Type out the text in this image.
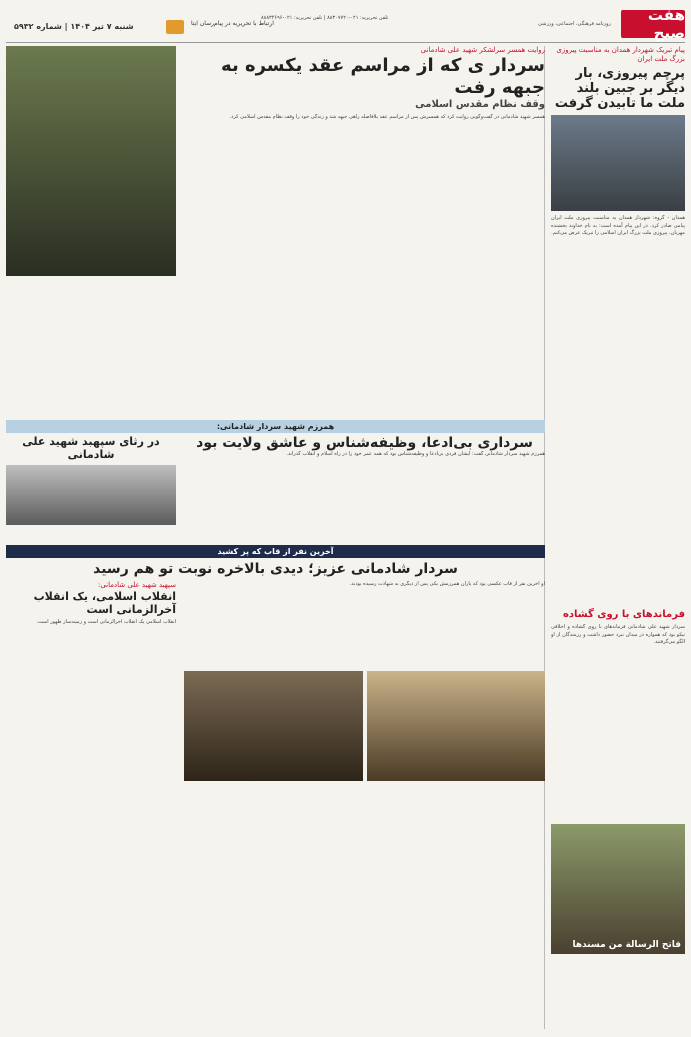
هفت صبح
روزنامه فرهنگی، اجتماعی، ورزشی
تلفن تحریریه: ۰۲۱-۸۸۳۰۷۷۲۰ | تلفن تحریریه: ۰۲۱-۸۸۸۳۴۶۹۶
ارتباط با تحریریه در پیام‌رسان ایتا
شنبه ۷ تیر ۱۴۰۴ | شماره ۵۹۳۲
پیام تبریک شهردار همدان به مناسبت پیروزی بزرگ ملت ایران
پرچم پیروزی، بار دیگر بر جبین بلند ملت ما تابیدن گرفت
همدان - گروه: شهردار همدان به مناسبت پیروزی ملت ایران پیامی صادر کرد. در این پیام آمده است: به نام خداوند بخشنده مهربان، پیروزی ملت بزرگ ایران اسلامی را تبریک عرض می‌کنم.
فرماندهای با روی گشاده
سردار شهید علی شادمانی فرماندهای با روی گشاده و اخلاقی نیکو بود که همواره در میدان نبرد حضور داشت و رزمندگان از او الگو می‌گرفتند.
فاتح الرسالة من مسندها
روایت همسر سرلشکر شهید علی شادمانی
سردار ی که از مراسم عقد یکسره به جبهه رفت
وقف نظام مقدس اسلامی
همسر شهید شادمانی در گفت‌وگویی روایت کرد که همسرش پس از مراسم عقد بلافاصله راهی جبهه شد و زندگی خود را وقف نظام مقدس اسلامی کرد.
همرزم شهید سردار شادمانی:
سرداری بی‌ادعا، وظیفه‌شناس و عاشق ولایت بود
همرزم شهید سردار شادمانی گفت: ایشان فردی بی‌ادعا و وظیفه‌شناس بود که همه عمر خود را در راه اسلام و انقلاب گذراند.
در رثای سپهبد شهید علی شادمانی
آخرین نفر از قاب که پر کشید
سردار شادمانی عزیز؛ دیدی بالاخره نوبت تو هم رسید
او آخرین نفر از قاب عکسی بود که یاران همرزمش یکی پس از دیگری به شهادت رسیده بودند.
سپهبد شهید علی شادمانی:
انقلاب اسلامی، یک انقلاب آخرالزمانی است
انقلاب اسلامی یک انقلاب آخرالزمانی است و زمینه‌ساز ظهور است.
